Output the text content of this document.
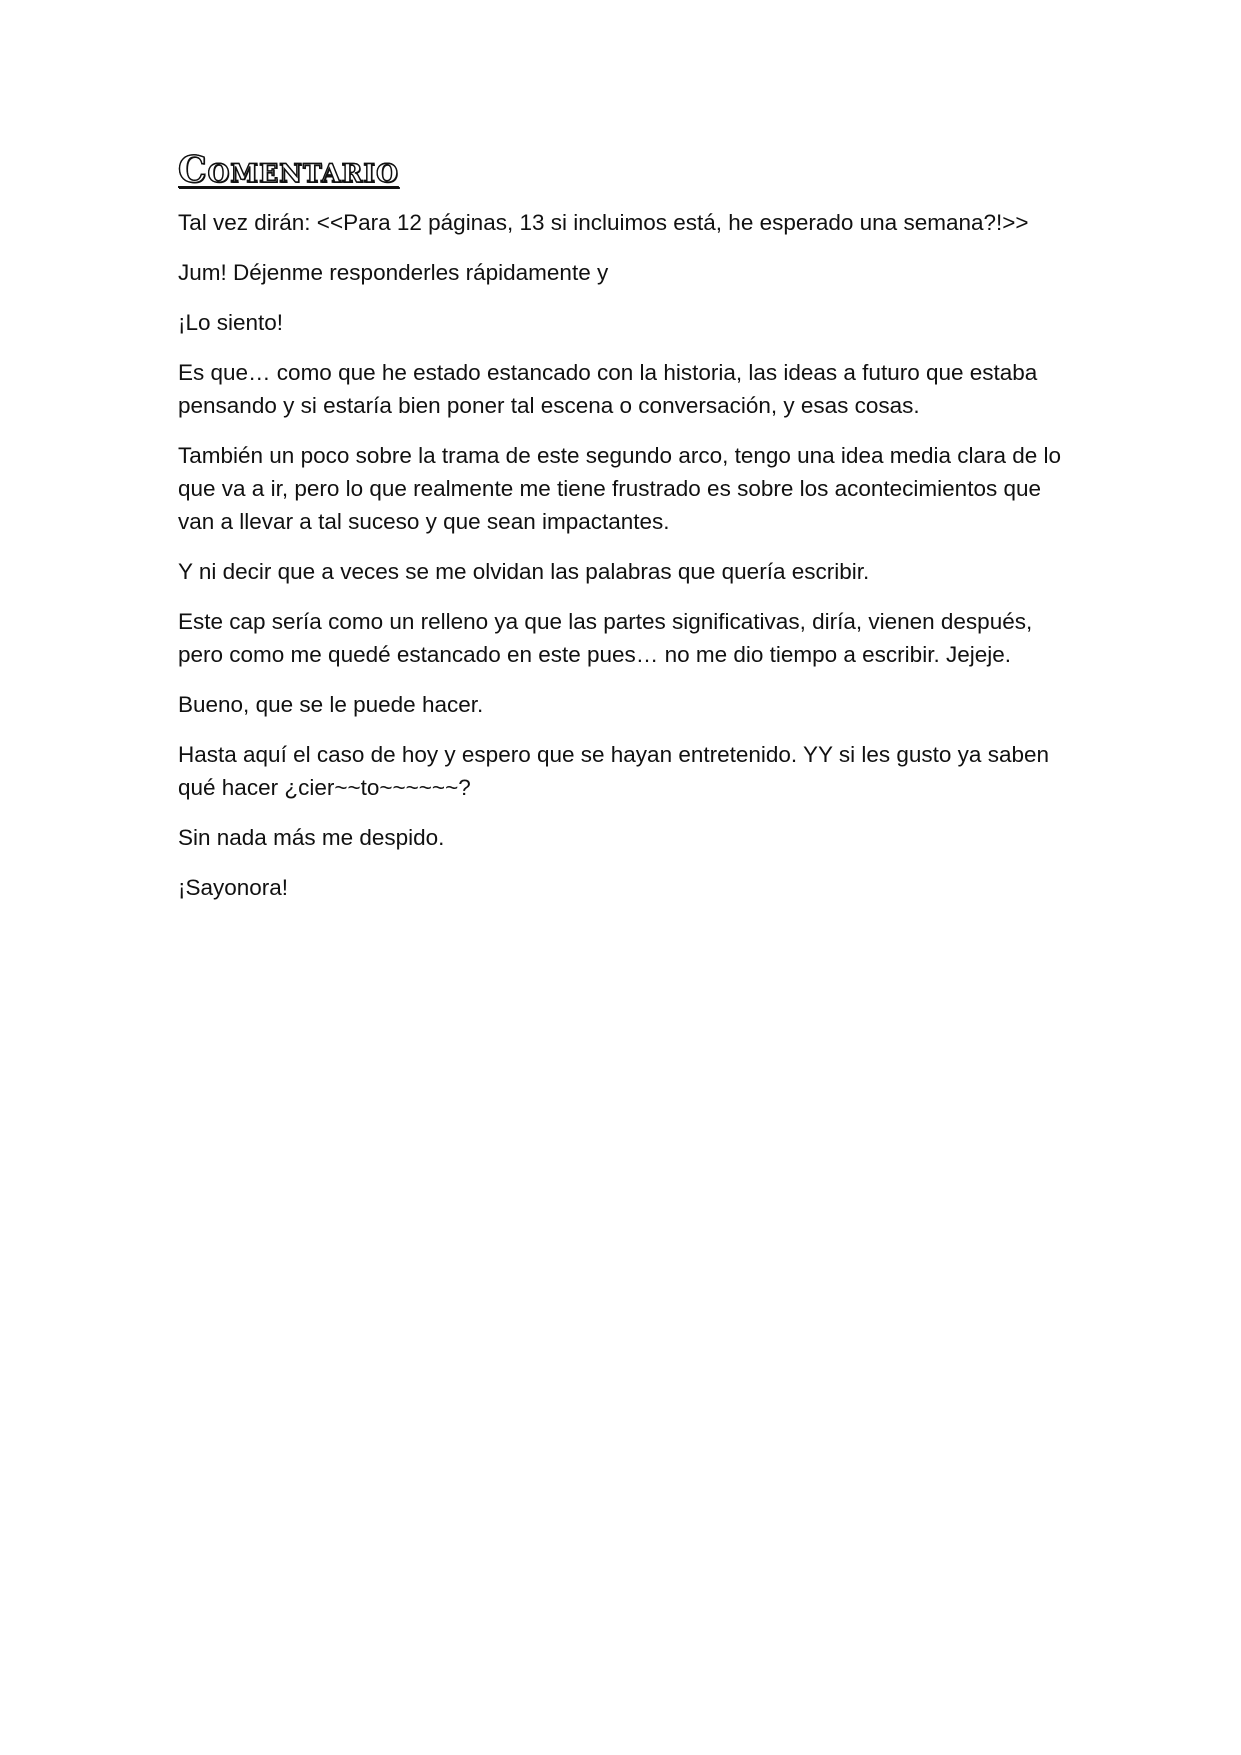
Comentario

Tal vez dirán: <<Para 12 páginas, 13 si incluimos está, he esperado una semana?!>>

Jum! Déjenme responderles rápidamente y

¡Lo siento!

Es que… como que he estado estancado con la historia, las ideas a futuro que estaba pensando y si estaría bien poner tal escena o conversación, y esas cosas.

También un poco sobre la trama de este segundo arco, tengo una idea media clara de lo que va a ir, pero lo que realmente me tiene frustrado es sobre los acontecimientos que van a llevar a tal suceso y que sean impactantes.

Y ni decir que a veces se me olvidan las palabras que quería escribir.

Este cap sería como un relleno ya que las partes significativas, diría, vienen después, pero como me quedé estancado en este pues… no me dio tiempo a escribir. Jejeje.

Bueno, que se le puede hacer.

Hasta aquí el caso de hoy y espero que se hayan entretenido. YY si les gusto ya saben qué hacer ¿cier~~to~~~~~~?

Sin nada más me despido.

¡Sayonora!
